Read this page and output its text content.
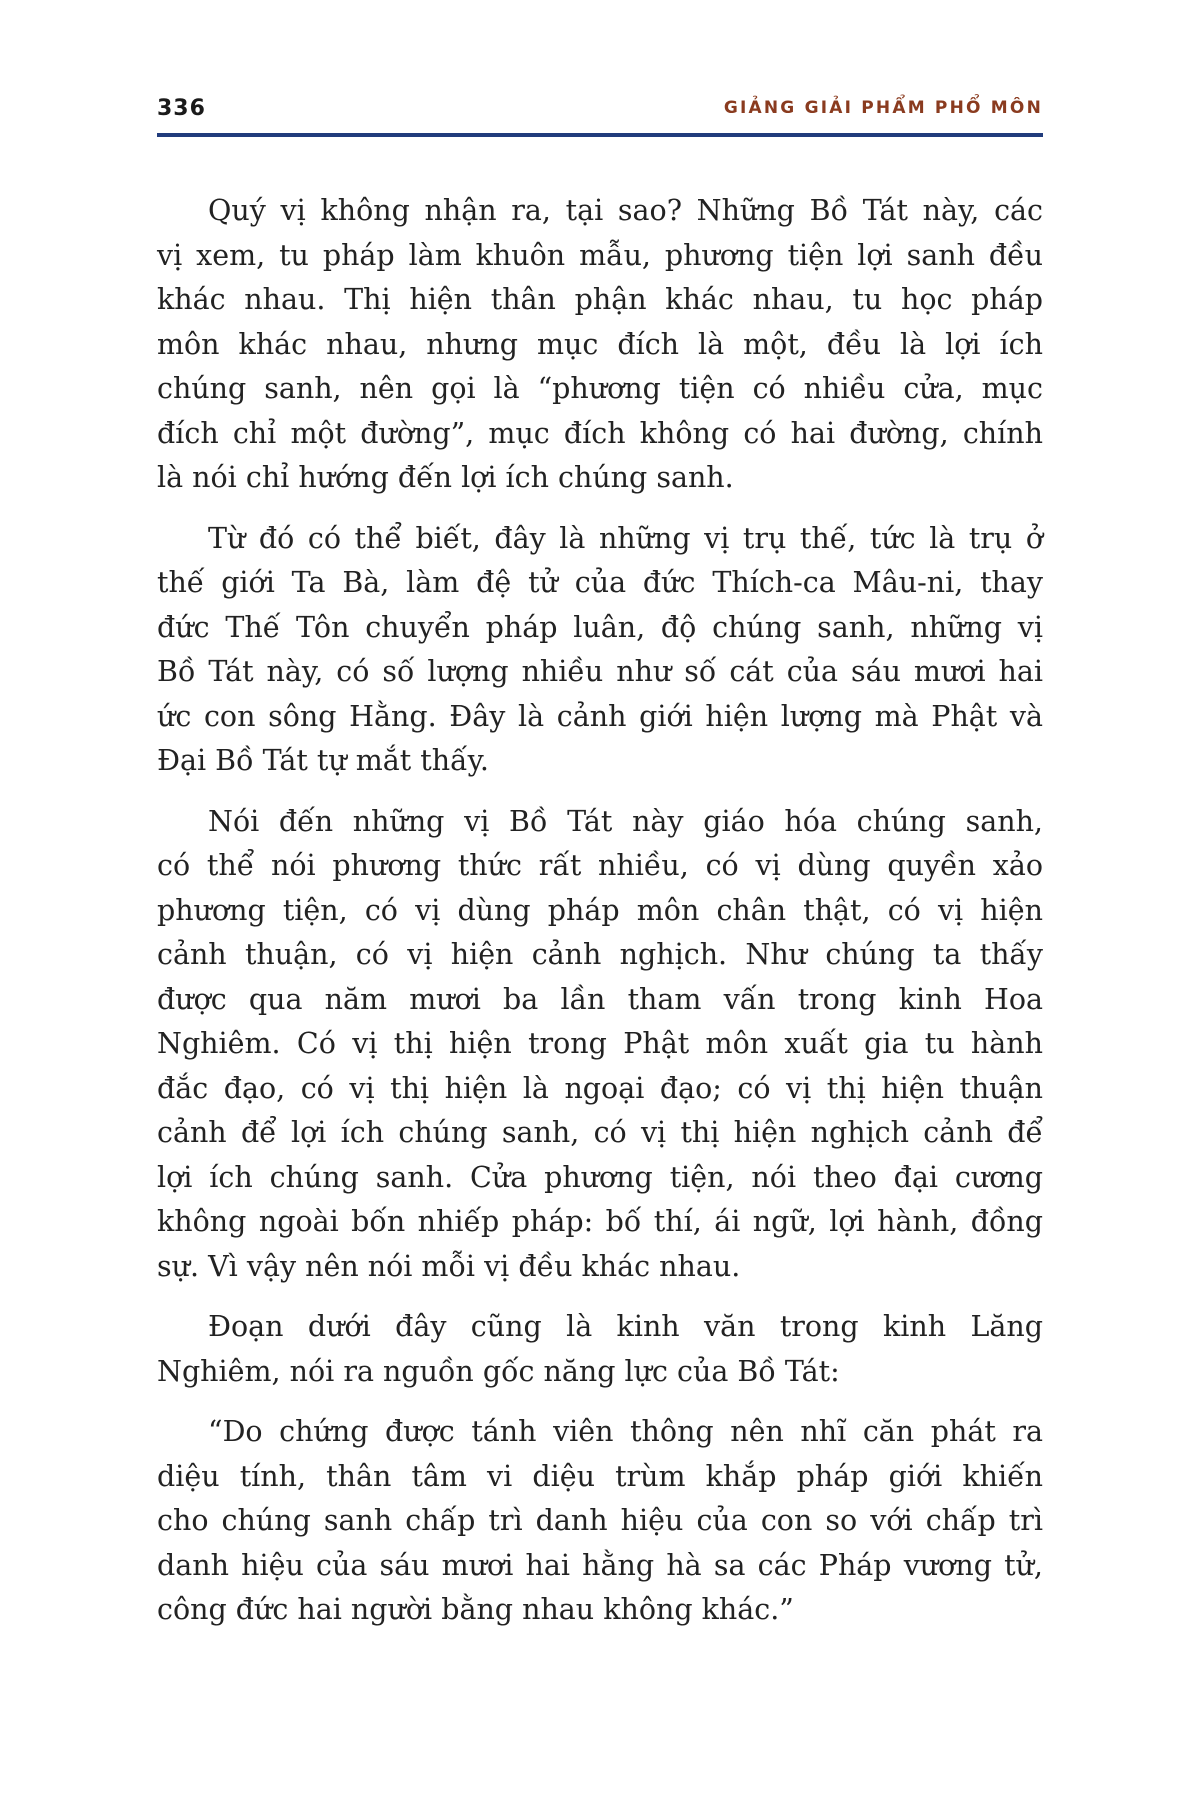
336	GIẢNG GIẢI PHẨM PHỔ MÔN

Quý vị không nhận ra, tại sao? Những Bồ Tát này, các
vị xem, tu pháp làm khuôn mẫu, phương tiện lợi sanh đều
khác nhau. Thị hiện thân phận khác nhau, tu học pháp
môn khác nhau, nhưng mục đích là một, đều là lợi ích
chúng sanh, nên gọi là “phương tiện có nhiều cửa, mục
đích chỉ một đường”, mục đích không có hai đường, chính
là nói chỉ hướng đến lợi ích chúng sanh.

Từ đó có thể biết, đây là những vị trụ thế, tức là trụ ở
thế giới Ta Bà, làm đệ tử của đức Thích-ca Mâu-ni, thay
đức Thế Tôn chuyển pháp luân, độ chúng sanh, những vị
Bồ Tát này, có số lượng nhiều như số cát của sáu mươi hai
ức con sông Hằng. Đây là cảnh giới hiện lượng mà Phật và
Đại Bồ Tát tự mắt thấy.

Nói đến những vị Bồ Tát này giáo hóa chúng sanh,
có thể nói phương thức rất nhiều, có vị dùng quyền xảo
phương tiện, có vị dùng pháp môn chân thật, có vị hiện
cảnh thuận, có vị hiện cảnh nghịch. Như chúng ta thấy
được qua năm mươi ba lần tham vấn trong kinh Hoa
Nghiêm. Có vị thị hiện trong Phật môn xuất gia tu hành
đắc đạo, có vị thị hiện là ngoại đạo; có vị thị hiện thuận
cảnh để lợi ích chúng sanh, có vị thị hiện nghịch cảnh để
lợi ích chúng sanh. Cửa phương tiện, nói theo đại cương
không ngoài bốn nhiếp pháp: bố thí, ái ngữ, lợi hành, đồng
sự. Vì vậy nên nói mỗi vị đều khác nhau.

Đoạn dưới đây cũng là kinh văn trong kinh Lăng
Nghiêm, nói ra nguồn gốc năng lực của Bồ Tát:

“Do chứng được tánh viên thông nên nhĩ căn phát ra
diệu tính, thân tâm vi diệu trùm khắp pháp giới khiến
cho chúng sanh chấp trì danh hiệu của con so với chấp trì
danh hiệu của sáu mươi hai hằng hà sa các Pháp vương tử,
công đức hai người bằng nhau không khác.”
